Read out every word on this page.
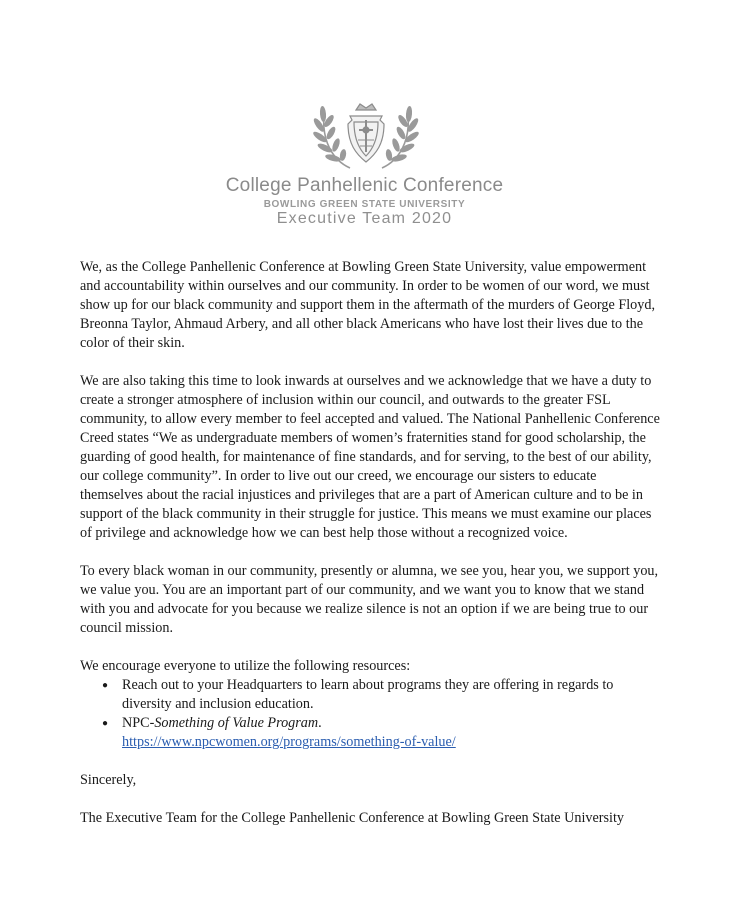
College Panhellenic Conference
BOWLING GREEN STATE UNIVERSITY
Executive Team 2020

We, as the College Panhellenic Conference at Bowling Green State University, value empowerment and accountability within ourselves and our community. In order to be women of our word, we must show up for our black community and support them in the aftermath of the murders of George Floyd, Breonna Taylor, Ahmaud Arbery, and all other black Americans who have lost their lives due to the color of their skin.

We are also taking this time to look inwards at ourselves and we acknowledge that we have a duty to create a stronger atmosphere of inclusion within our council, and outwards to the greater FSL community, to allow every member to feel accepted and valued. The National Panhellenic Conference Creed states “We as undergraduate members of women’s fraternities stand for good scholarship, the guarding of good health, for maintenance of fine standards, and for serving, to the best of our ability, our college community”. In order to live out our creed, we encourage our sisters to educate themselves about the racial injustices and privileges that are a part of American culture and to be in support of the black community in their struggle for justice. This means we must examine our places of privilege and acknowledge how we can best help those without a recognized voice.

To every black woman in our community, presently or alumna, we see you, hear you, we support you, we value you. You are an important part of our community, and we want you to know that we stand with you and advocate for you because we realize silence is not an option if we are being true to our council mission.

We encourage everyone to utilize the following resources:

● Reach out to your Headquarters to learn about programs they are offering in regards to diversity and inclusion education.
● NPC-Something of Value Program.
https://www.npcwomen.org/programs/something-of-value/

Sincerely,

The Executive Team for the College Panhellenic Conference at Bowling Green State University
